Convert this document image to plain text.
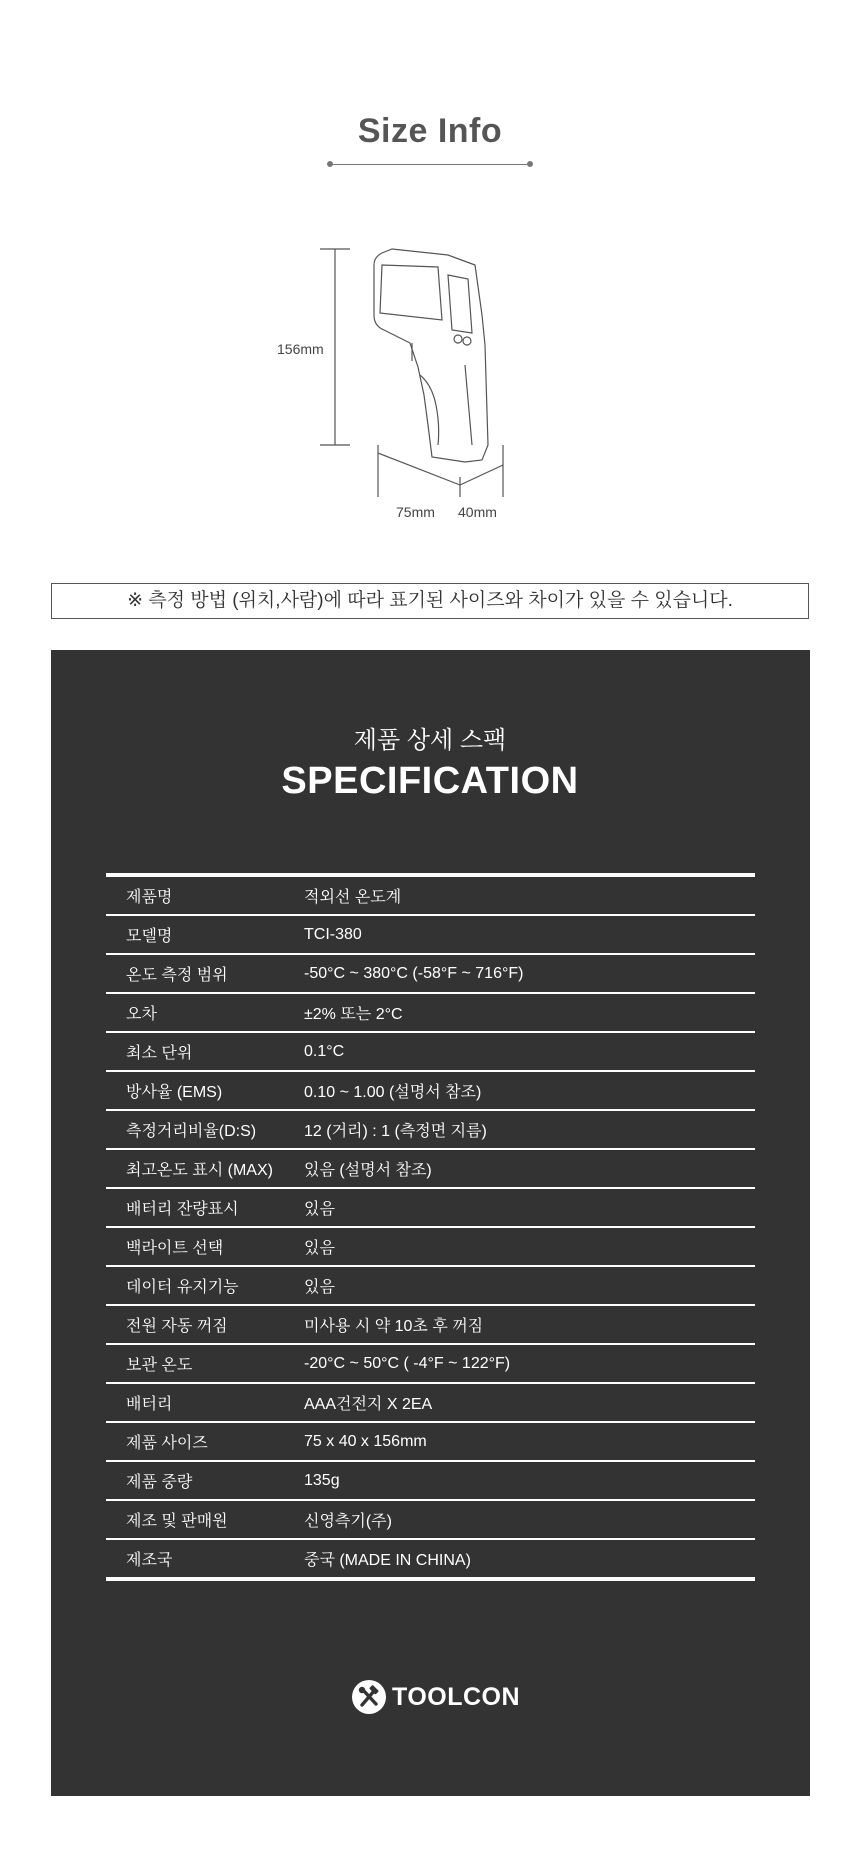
Size Info
156mm
75mm 40mm
※ 측정 방법 (위치,사람)에 따라 표기된 사이즈와 차이가 있을 수 있습니다.
제품 상세 스팩
SPECIFICATION
제품명	적외선 온도계
모델명	TCI-380
온도 측정 범위	-50°C ~ 380°C (-58°F ~ 716°F)
오차	±2% 또는 2°C
최소 단위	0.1°C
방사율 (EMS)	0.10 ~ 1.00 (설명서 참조)
측정거리비율(D:S)	12 (거리) : 1 (측정면 지름)
최고온도 표시 (MAX)	있음 (설명서 참조)
배터리 잔량표시	있음
백라이트 선택	있음
데이터 유지기능	있음
전원 자동 꺼짐	미사용 시 약 10초 후 꺼짐
보관 온도	-20°C ~ 50°C ( -4°F ~ 122°F)
배터리	AAA건전지 X 2EA
제품 사이즈	75 x 40 x 156mm
제품 중량	135g
제조 및 판매원	신영측기(주)
제조국	중국 (MADE IN CHINA)
TOOLCON
